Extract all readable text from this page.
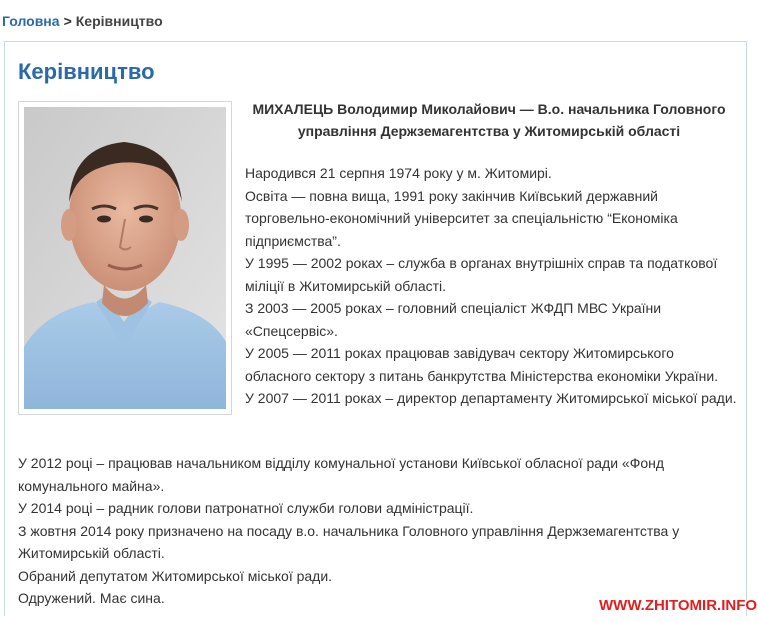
Головна > Керівництво
Керівництво
МИХАЛЕЦЬ Володимир Миколайович — В.о. начальника Головного управління Держземагентства у Житомирській області

Народився 21 серпня 1974 року у м. Житомирі.

Освіта — повна вища, 1991 року закінчив Київський державний торговельно-економічний університет за спеціальністю “Економіка підприємства”.

У 1995 — 2002 роках – служба в органах внутрішніх справ та податкової міліції в Житомирській області.

З 2003 — 2005 роках – головний спеціаліст ЖФДП МВС України «Спецсервіс».

У 2005 — 2011 роках працював завідувач сектору Житомирського обласного сектору з питань банкрутства Міністерства економіки України.

У 2007 — 2011 роках – директор департаменту Житомирської міської ради.

У 2012 році – працював начальником відділу комунальної установи Київської обласної ради «Фонд комунального майна».

У 2014 році – радник голови патронатної служби голови адміністрації.

З жовтня 2014 року призначено на посаду в.о. начальника Головного управління Держземагентства у Житомирській області.

Обраний депутатом Житомирської міської ради.

Одружений. Має сина.	WWW.ZHITOMIR.INFO
